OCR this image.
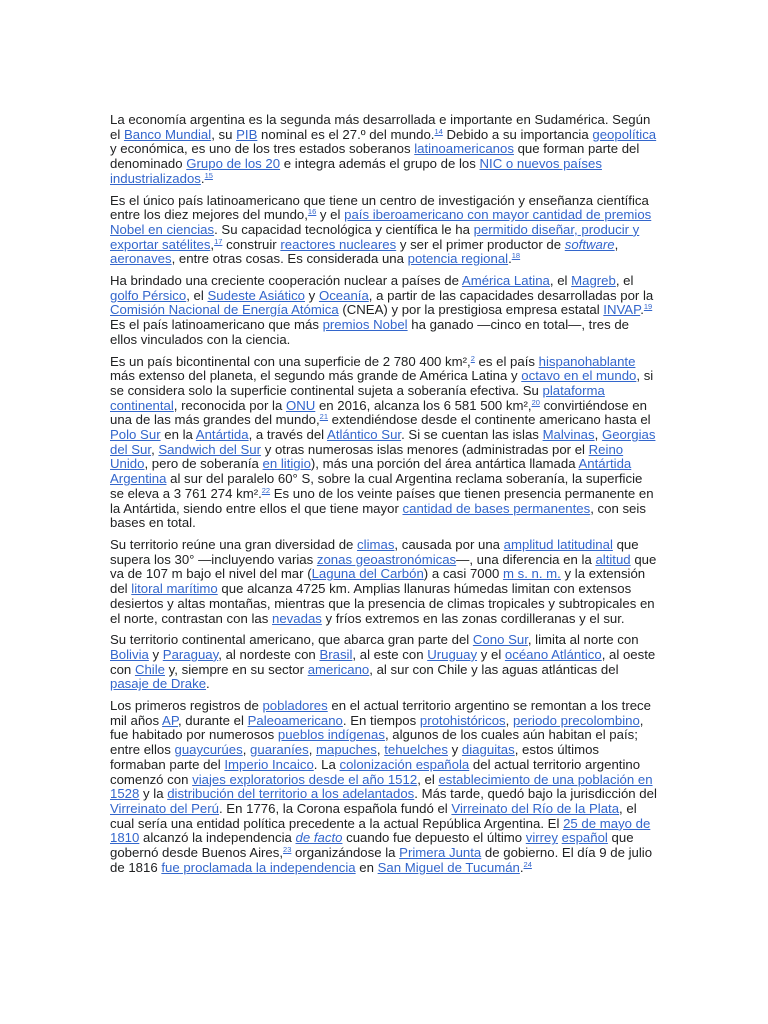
La economía argentina es la segunda más desarrollada e importante en Sudamérica. Según el Banco Mundial, su PIB nominal es el 27.º del mundo.$^{14}$ Debido a su importancia geopolítica y económica, es uno de los tres estados soberanos latinoamericanos que forman parte del denominado Grupo de los 20 e integra además el grupo de los NIC o nuevos países industrializados.$^{15}$

Es el único país latinoamericano que tiene un centro de investigación y enseñanza científica entre los diez mejores del mundo,$^{16}$ y el país iberoamericano con mayor cantidad de premios Nobel en ciencias. Su capacidad tecnológica y científica le ha permitido diseñar, producir y exportar satélites,$^{17}$ construir reactores nucleares y ser el primer productor de software, aeronaves, entre otras cosas. Es considerada una potencia regional.$^{18}$

Ha brindado una creciente cooperación nuclear a países de América Latina, el Magreb, el golfo Pérsico, el Sudeste Asiático y Oceanía, a partir de las capacidades desarrolladas por la Comisión Nacional de Energía Atómica (CNEA) y por la prestigiosa empresa estatal INVAP.$^{19}$ Es el país latinoamericano que más premios Nobel ha ganado —cinco en total—, tres de ellos vinculados con la ciencia.

Es un país bicontinental con una superficie de 2 780 400 km²,$^2$ es el país hispanohablante más extenso del planeta, el segundo más grande de América Latina y octavo en el mundo, si se considera solo la superficie continental sujeta a soberanía efectiva. Su plataforma continental, reconocida por la ONU en 2016, alcanza los 6 581 500 km²,$^{20}$ convirtiéndose en una de las más grandes del mundo,$^{21}$ extendiéndose desde el continente americano hasta el Polo Sur en la Antártida, a través del Atlántico Sur. Si se cuentan las islas Malvinas, Georgias del Sur, Sandwich del Sur y otras numerosas islas menores (administradas por el Reino Unido, pero de soberanía en litigio), más una porción del área antártica llamada Antártida Argentina al sur del paralelo 60° S, sobre la cual Argentina reclama soberanía, la superficie se eleva a 3 761 274 km².$^{22}$ Es uno de los veinte países que tienen presencia permanente en la Antártida, siendo entre ellos el que tiene mayor cantidad de bases permanentes, con seis bases en total.

Su territorio reúne una gran diversidad de climas, causada por una amplitud latitudinal que supera los 30° —incluyendo varias zonas geoastronómicas—, una diferencia en la altitud que va de 107 m bajo el nivel del mar (Laguna del Carbón) a casi 7000 m s. n. m. y la extensión del litoral marítimo que alcanza 4725 km. Amplias llanuras húmedas limitan con extensos desiertos y altas montañas, mientras que la presencia de climas tropicales y subtropicales en el norte, contrastan con las nevadas y fríos extremos en las zonas cordilleranas y el sur.

Su territorio continental americano, que abarca gran parte del Cono Sur, limita al norte con Bolivia y Paraguay, al nordeste con Brasil, al este con Uruguay y el océano Atlántico, al oeste con Chile y, siempre en su sector americano, al sur con Chile y las aguas atlánticas del pasaje de Drake.

Los primeros registros de pobladores en el actual territorio argentino se remontan a los trece mil años AP, durante el Paleoamericano. En tiempos protohistóricos, periodo precolombino, fue habitado por numerosos pueblos indígenas, algunos de los cuales aún habitan el país; entre ellos guaycurúes, guaraníes, mapuches, tehuelches y diaguitas, estos últimos formaban parte del Imperio Incaico. La colonización española del actual territorio argentino comenzó con viajes exploratorios desde el año 1512, el establecimiento de una población en 1528 y la distribución del territorio a los adelantados. Más tarde, quedó bajo la jurisdicción del Virreinato del Perú. En 1776, la Corona española fundó el Virreinato del Río de la Plata, el cual sería una entidad política precedente a la actual República Argentina. El 25 de mayo de 1810 alcanzó la independencia de facto cuando fue depuesto el último virrey español que gobernó desde Buenos Aires,$^{23}$ organizándose la Primera Junta de gobierno. El día 9 de julio de 1816 fue proclamada la independencia en San Miguel de Tucumán.$^{24}$
